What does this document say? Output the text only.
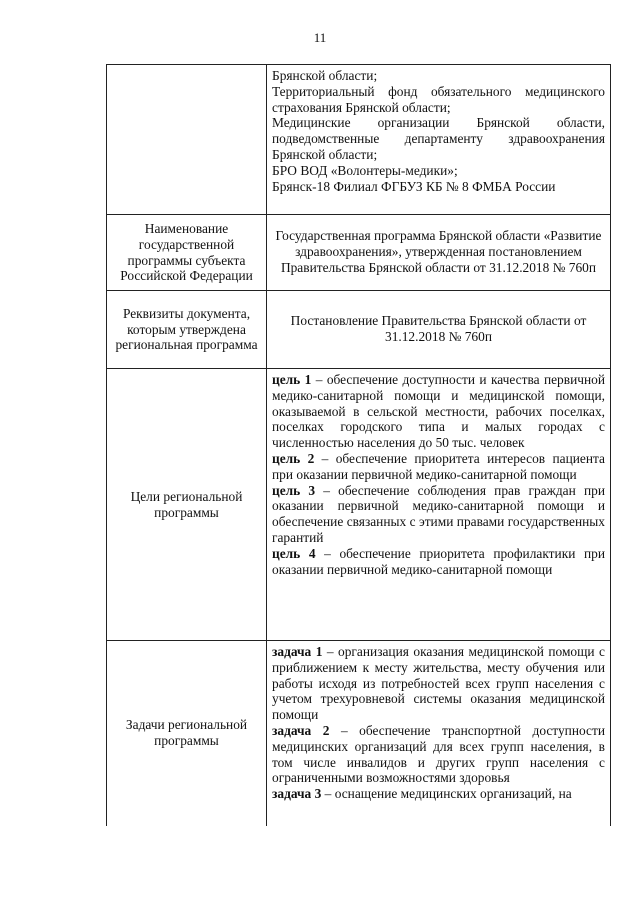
11

	Брянской области;
Территориальный фонд обязательного медицинского страхования Брянской области;
Медицинские организации Брянской области, подведомственные департаменту здравоохранения Брянской области;
БРО ВОД «Волонтеры-медики»;
Брянск-18 Филиал ФГБУЗ КБ № 8 ФМБА России

Наименование государственной программы субъекта Российской Федерации	Государственная программа Брянской области «Развитие здравоохранения», утвержденная постановлением Правительства Брянской области от 31.12.2018 № 760п
Реквизиты документа, которым утверждена региональная программа	Постановление Правительства Брянской области от 31.12.2018 № 760п
Цели региональной программы	цель 1 – обеспечение доступности и качества первичной медико-санитарной помощи и медицинской помощи, оказываемой в сельской местности, рабочих поселках, поселках городского типа и малых городах с численностью населения до 50 тыс. человек
цель 2 – обеспечение приоритета интересов пациента при оказании первичной медико-санитарной помощи
цель 3 – обеспечение соблюдения прав граждан при оказании первичной медико-санитарной помощи и обеспечение связанных с этими правами государственных гарантий
цель 4 – обеспечение приоритета профилактики при оказании первичной медико-санитарной помощи

Задачи региональной программы	задача 1 – организация оказания медицинской помощи с приближением к месту жительства, месту обучения или работы исходя из потребностей всех групп населения с учетом трехуровневой системы оказания медицинской помощи
задача 2 – обеспечение транспортной доступности медицинских организаций для всех групп населения, в том числе инвалидов и других групп населения с ограниченными возможностями здоровья
задача 3 – оснащение медицинских организаций, на
